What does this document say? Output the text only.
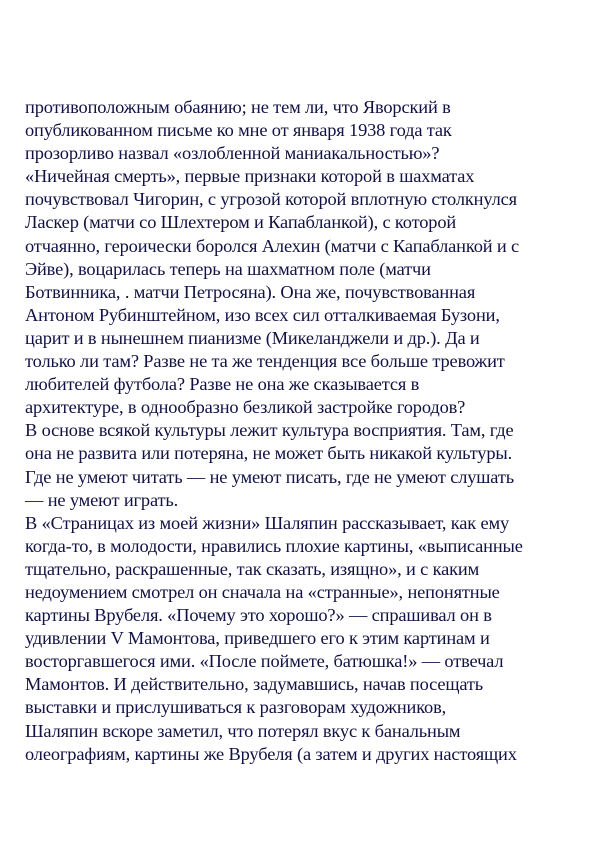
противоположным обаянию; не тем ли, что Яворский в
опубликованном письме ко мне от января 1938 года так
прозорливо назвал «озлобленной маниакальностью»?
«Ничейная смерть», первые признаки которой в шахматах
почувствовал Чигорин, с угрозой которой вплотную столкнулся
Ласкер (матчи со Шлехтером и Капабланкой), с которой
отчаянно, героически боролся Алехин (матчи с Капабланкой и с
Эйве), воцарилась теперь на шахматном поле (матчи
Ботвинника, . матчи Петросяна). Она же, почувствованная
Антоном Рубинштейном, изо всех сил отталкиваемая Бузони,
царит и в нынешнем пианизме (Микеланджели и др.). Да и
только ли там? Разве не та же тенденция все больше тревожит
любителей футбола? Разве не она же сказывается в
архитектуре, в однообразно безликой застройке городов?
В основе всякой культуры лежит культура восприятия. Там, где
она не развита или потеряна, не может быть никакой культуры.
Где не умеют читать — не умеют писать, где не умеют слушать
— не умеют играть.
В «Страницах из моей жизни» Шаляпин рассказывает, как ему
когда-то, в молодости, нравились плохие картины, «выписанные
тщательно, раскрашенные, так сказать, изящно», и с каким
недоумением смотрел он сначала на «странные», непонятные
картины Врубеля. «Почему это хорошо?» — спрашивал он в
удивлении V Мамонтова, приведшего его к этим картинам и
восторгавшегося ими. «После поймете, батюшка!» — отвечал
Мамонтов. И действительно, задумавшись, начав посещать
выставки и прислушиваться к разговорам художников,
Шаляпин вскоре заметил, что потерял вкус к банальным
олеографиям, картины же Врубеля (а затем и других настоящих
